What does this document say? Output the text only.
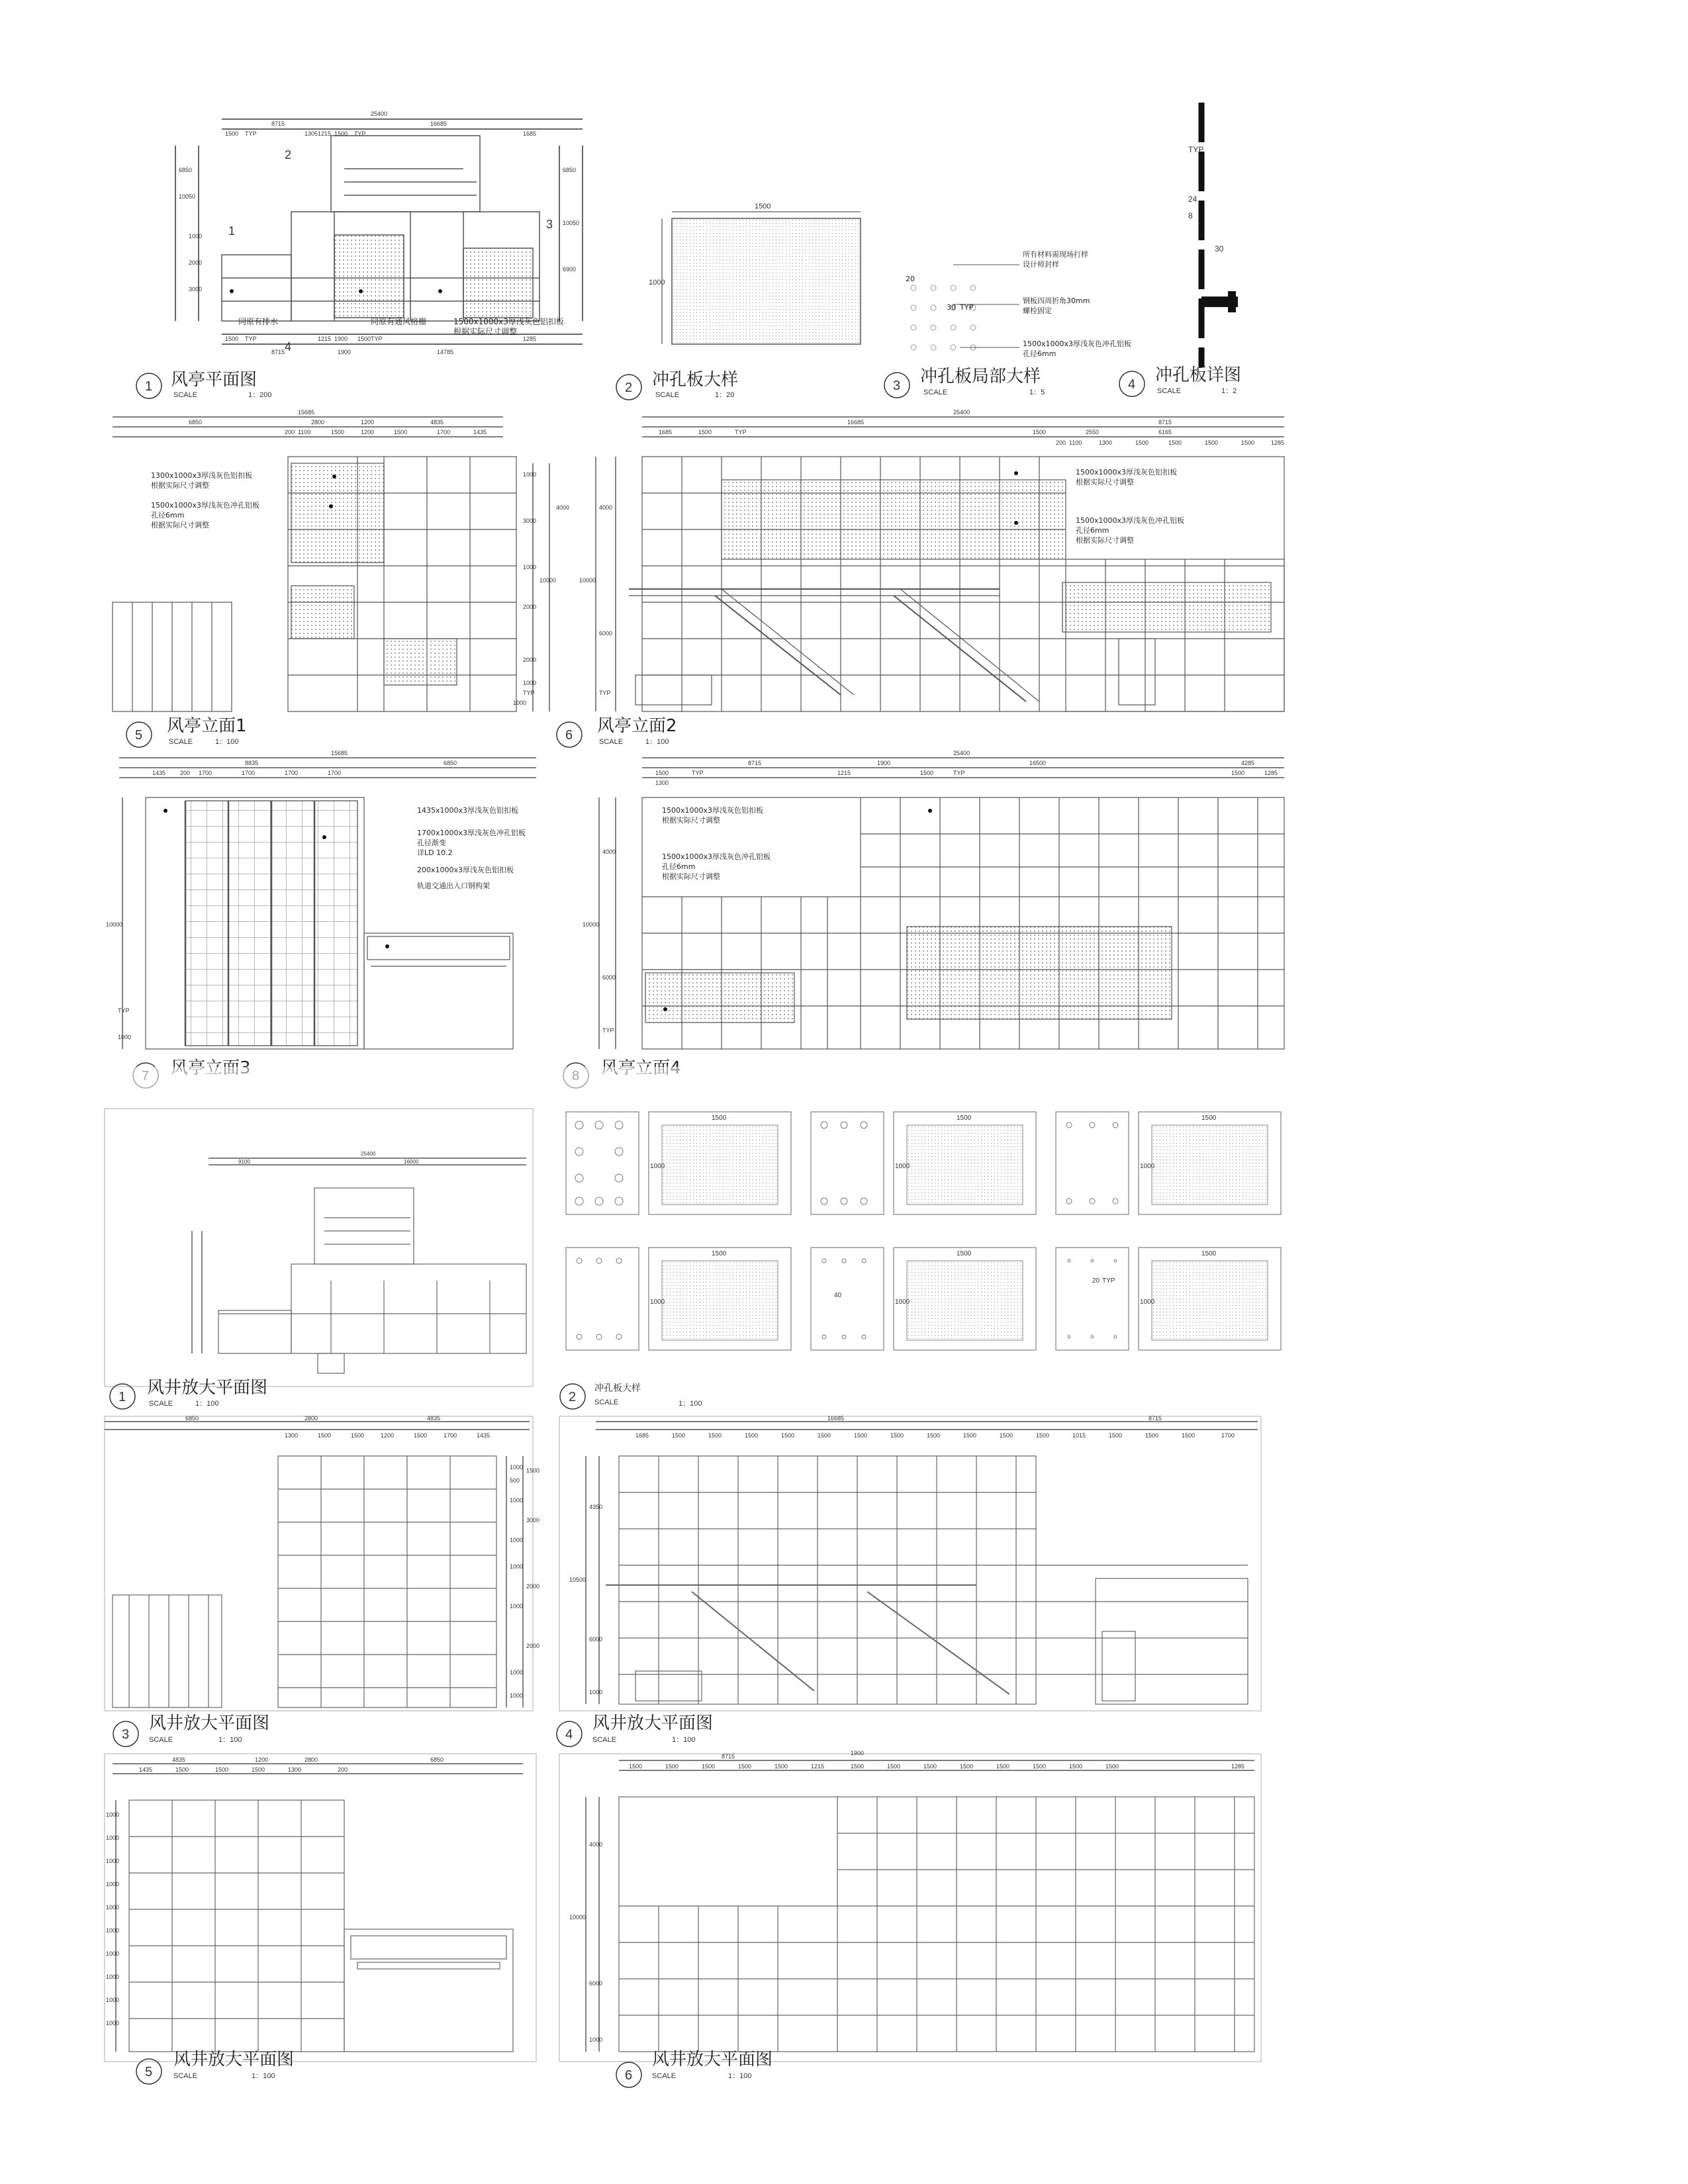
25400
8715	16685
1500 TYP	1305 1215 1500 TYP	1685
1500 TYP	1215 1900 1500 TYP	1285
8715	1900	14785
10050
6850
2000
1000
3000
6850
10050
6900
2
1	3
4
同原有排水	同原有通风格栅	1500x1000x3厚浅灰色铝扣板
根据实际尺寸调整
1500
1000
所有材料需现场打样
设计师封样
钢板四周折角30mm
螺栓固定
1500x1000x3厚浅灰色冲孔铝板
孔径6mm
30 TYP
20
24
TYP
30
8
1 风亭平面图
SCALE	1：200	2 冲孔板大样
SCALE	1：20
3 冲孔板局部大样
SCALE	1：5
4 冲孔板详图
SCALE	1：2
15685
6850	2800	1200	4835
200 1100	1500	1200	1500	1700	1435
1000
3000
1000
2000
2000
1000
TYP
1000
10000
4000
1300x1000x3厚浅灰色铝扣板
根据实际尺寸调整
1500x1000x3厚浅灰色冲孔铝板
孔径6mm
根据实际尺寸调整
25400
16685	8715
1685	1500	TYP	1500	2550	6165
200 1100	1300	1500	1500	1500	1500	1285
4000
10000
6000
TYP
1500x1000x3厚浅灰色铝扣板
根据实际尺寸调整
1500x1000x3厚浅灰色冲孔铝板
孔径6mm
根据实际尺寸调整
5 风亭立面1
SCALE	1：100	6 风亭立面2
SCALE	1：100
15685
8835	6850
1435 200 1700	1700	1700	1700
10000
TYP
1000
1435x1000x3厚浅灰色铝扣板
1700x1000x3厚浅灰色冲孔铝板
孔径渐变
详LD 10.2
200x1000x3厚浅灰色铝扣板
轨道交通出入口钢构架
25400
8715
1215
1900	16500	4285
1500	TYP	1500	TYP	1500	1285
1300
4000
10000
6000
TYP
1500x1000x3厚浅灰色铝扣板
根据实际尺寸调整
1500x1000x3厚浅灰色冲孔铝板
孔径6mm
根据实际尺寸调整
25400
9100	16000
1500	1500	1500
1500	1500	1500
1000	1000	1000
1000	1000	1000
20 TYP
40
1 风井放大平面图
SCALE	1：100	2
冲孔板大样
SCALE	1：100
6850	2800	4835
1300	1500	1500	1200	1500	1700	1435
1000
500
1500
1000
3000
1000
1000
2000
1000
2000
1000
1000
16685	8715
1685	1500	1500	1500	1500	1500	1500	1500	1500	1500	1500	1500	1015	1500	1500	1500	1700
4350
10500
6000
1000
3
风井放大平面图
SCALE	1：100	4
风井放大平面图
SCALE	1：100
4835	1200	2800	6850
1435	1500	1500	1500	1300	200
1000
1000
1000
1000
1000
1000
1000
1000
1000
1000
8715	1900
1500	1500	1500	1500	1500	1215	1500	1500	1500	1500	1500	1500	1500	1500	1285
4000
10000
6000
1000
5
风井放大平面图
SCALE	1：100	6
风井放大平面图
SCALE	1：100
